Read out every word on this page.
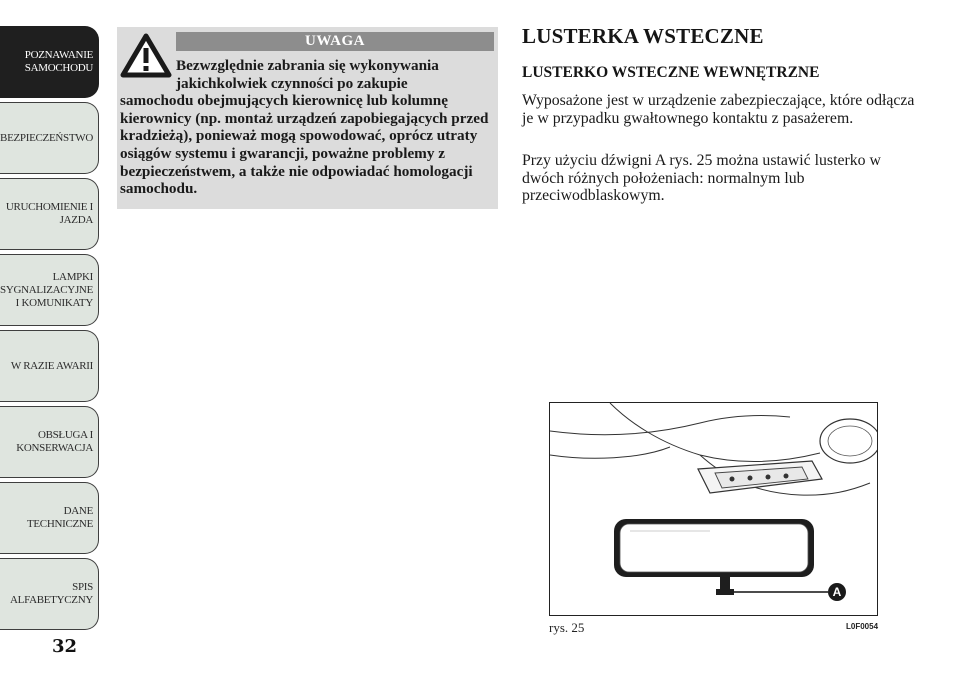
POZNAWANIE
SAMOCHODU
BEZPIECZEŃSTWO
URUCHOMIENIE I
JAZDA
LAMPKI
SYGNALIZACYJNE
I KOMUNIKATY
W RAZIE AWARII
OBSŁUGA I
KONSERWACJA
DANE
TECHNICZNE
SPIS
ALFABETYCZNY
32
UWAGA
Bezwzględnie zabrania się wykonywania
jakichkolwiek czynności po zakupie
samochodu obejmujących kierownicę lub kolumnę kierownicy (np. montaż urządzeń zapobiegających przed kradzieżą), ponieważ mogą spowodować, oprócz utraty osiągów systemu i gwarancji, poważne problemy z bezpieczeństwem, a także nie odpowiadać homologacji samochodu.
LUSTERKA WSTECZNE
LUSTERKO WSTECZNE WEWNĘTRZNE
Wyposażone jest w urządzenie zabezpieczające, które odłącza je w przypadku gwałtownego kontaktu z pasażerem.
Przy użyciu dźwigni A rys. 25 można ustawić lusterko w dwóch różnych położeniach: normalnym lub przeciwodblaskowym.
A
rys. 25	L0F0054
